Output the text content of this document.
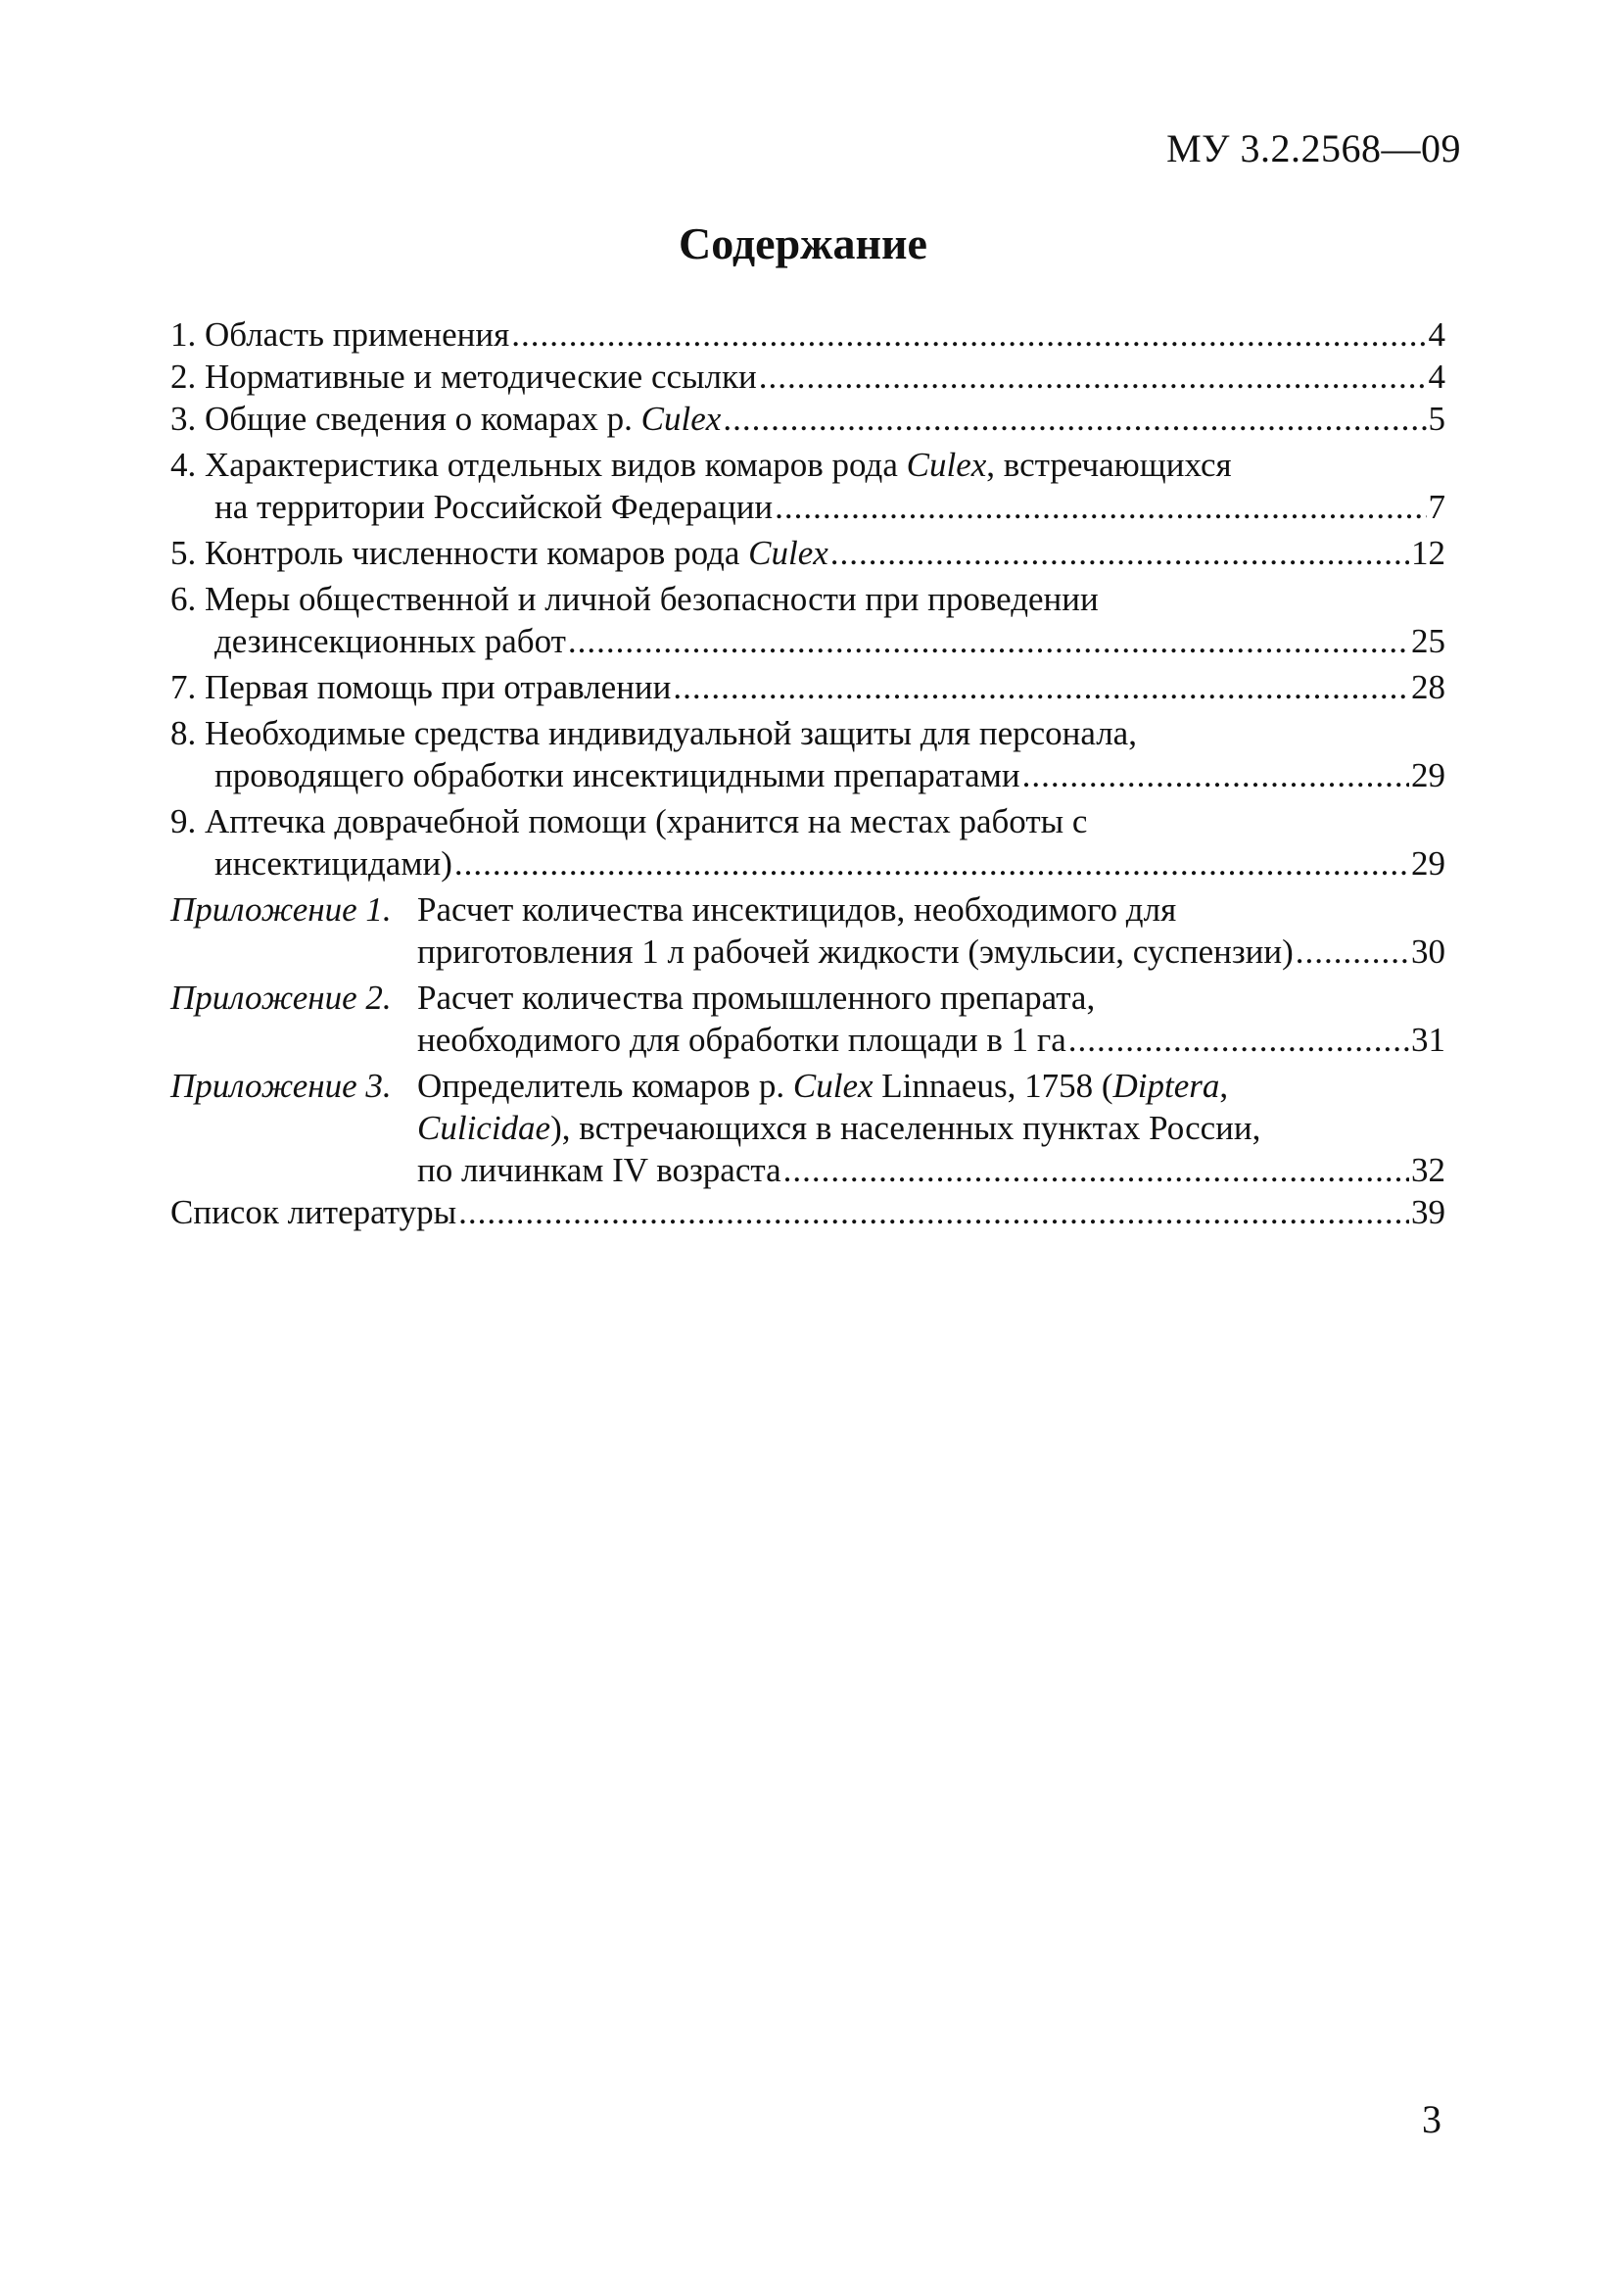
МУ 3.2.2568—09
Содержание
1. Область применения .....	4
2. Нормативные и методические ссылки .....	4
3. Общие сведения о комарах р. Culex .....	5
4. Характеристика отдельных видов комаров рода Culex, встречающихся
на территории Российской Федерации .....	7
5. Контроль численности комаров рода Culex .....	12
6. Меры общественной и личной безопасности при проведении
дезинсекционных работ .....	25
7. Первая помощь при отравлении .....	28
8. Необходимые средства индивидуальной защиты для персонала,
проводящего обработки инсектицидными препаратами .....	29
9. Аптечка доврачебной помощи (хранится на местах работы с
инсектицидами) .....	29
Приложение 1. Расчет количества инсектицидов, необходимого для
приготовления 1 л рабочей жидкости (эмульсии, суспензии) .....	30
Приложение 2. Расчет количества промышленного препарата,
необходимого для обработки площади в 1 га .....	31
Приложение 3. Определитель комаров р. Culex Linnaeus, 1758 (Diptera,
Culicidae), встречающихся в населенных пунктах России,
по личинкам IV возраста .....	32
Список литературы .....	39
3
